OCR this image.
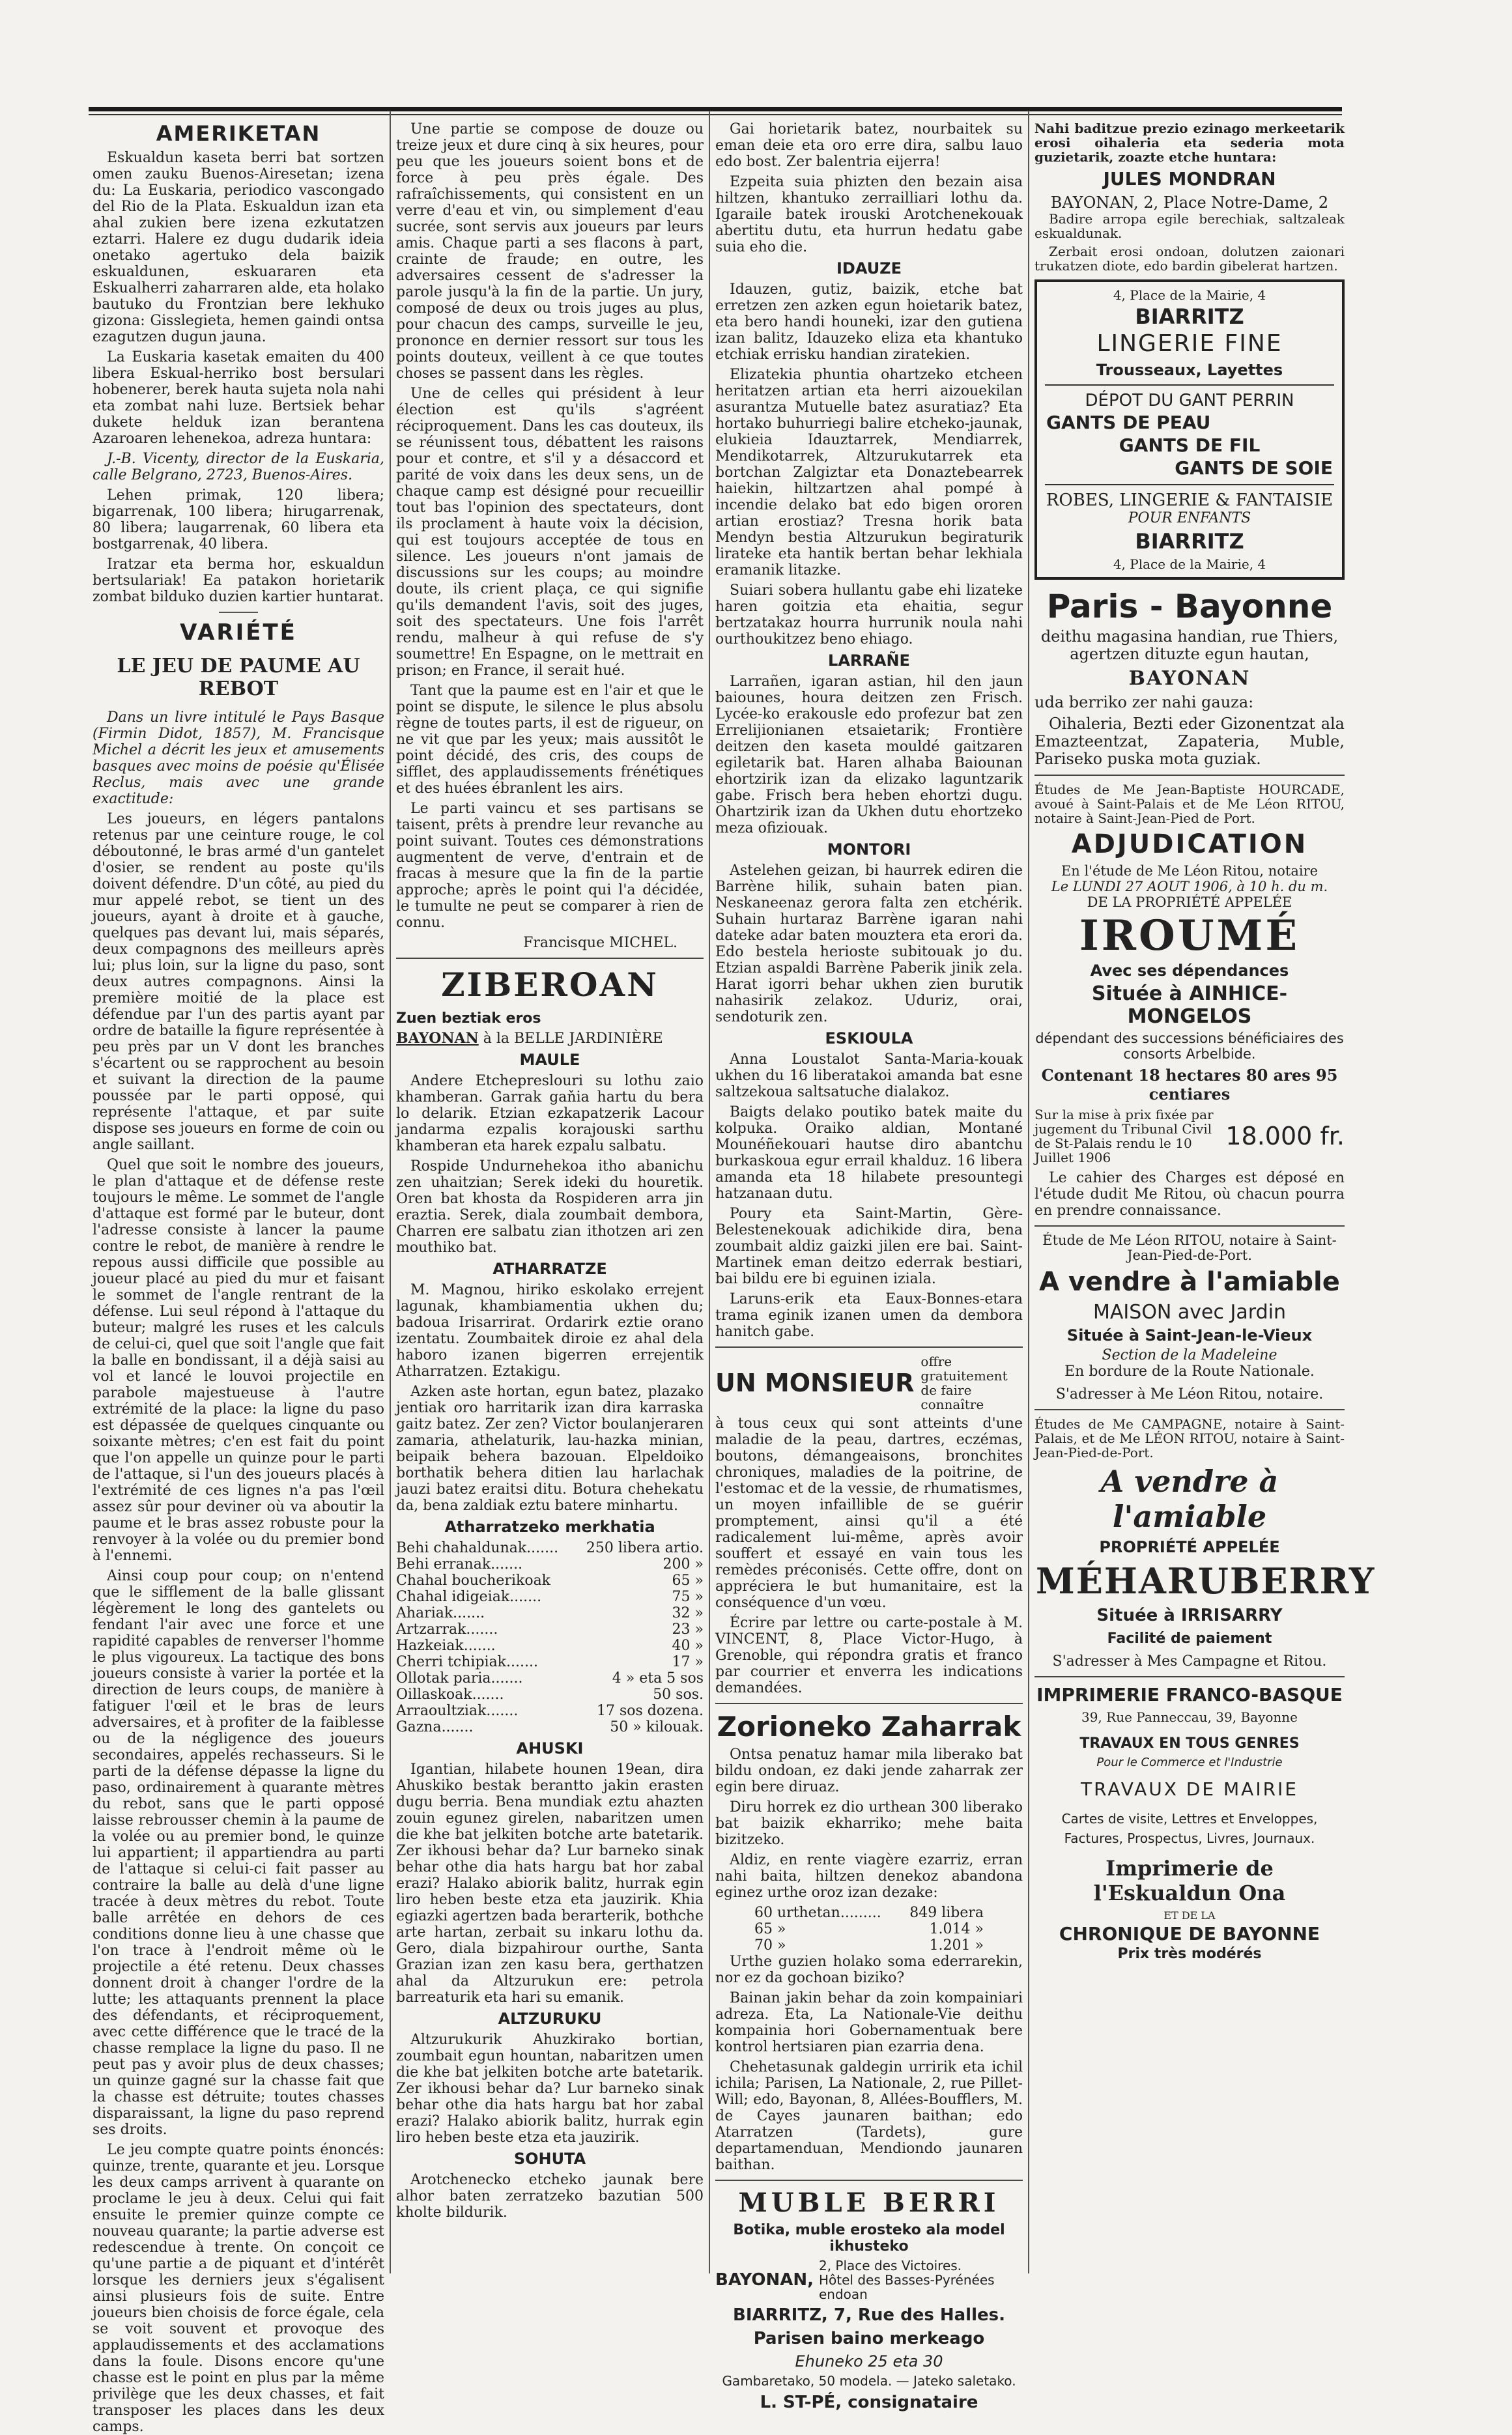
AMERIKETAN

Eskualdun kaseta berri bat sortzen omen zauku Buenos-Airesetan; izena du: La Euskaria, periodico vascongado del Rio de la Plata. Eskualdun izan eta ahal zukien bere izena ezkutatzen eztarri. Halere ez dugu dudarik ideia onetako agertuko dela baizik eskualdunen, eskuararen eta Eskualherri zaharraren alde, eta holako bautuko du Frontzian bere lekhuko gizona: Gisslegieta, hemen gaindi ontsa ezagutzen dugun jauna.

La Euskaria kasetak emaiten du 400 libera Eskual-herriko bost bersulari hobenerer, berek hauta sujeta nola nahi eta zombat nahi luze. Bertsiek behar dukete helduk izan berantena Azaroaren lehenekoa, adreza huntara:

J.-B. Vicenty, director de la Euskaria, calle Belgrano, 2723, Buenos-Aires.

Lehen primak, 120 libera; bigarrenak, 100 libera; hirugarrenak, 80 libera; laugarrenak, 60 libera eta bostgarrenak, 40 libera.

Iratzar eta berma hor, eskualdun bertsulariak! Ea patakon horietarik zombat bilduko duzien kartier huntarat.

VARIÉTÉ
LE JEU DE PAUME AU REBOT

Dans un livre intitulé le Pays Basque (Firmin Didot, 1857), M. Francisque Michel a décrit les jeux et amusements basques avec moins de poésie qu'Élisée Reclus, mais avec une grande exactitude:

Les joueurs, en légers pantalons retenus par une ceinture rouge, le col déboutonné, le bras armé d'un gantelet d'osier, se rendent au poste qu'ils doivent défendre. D'un côté, au pied du mur appelé rebot, se tient un des joueurs, ayant à droite et à gauche, quelques pas devant lui, mais séparés, deux compagnons des meilleurs après lui; plus loin, sur la ligne du paso, sont deux autres compagnons. Ainsi la première moitié de la place est défendue par l'un des partis ayant par ordre de bataille la figure représentée à peu près par un V dont les branches s'écartent ou se rapprochent au besoin et suivant la direction de la paume poussée par le parti opposé, qui représente l'attaque, et par suite dispose ses joueurs en forme de coin ou angle saillant.

Quel que soit le nombre des joueurs, le plan d'attaque et de défense reste toujours le même. Le sommet de l'angle d'attaque est formé par le buteur, dont l'adresse consiste à lancer la paume contre le rebot, de manière à rendre le repous aussi difficile que possible au joueur placé au pied du mur et faisant le sommet de l'angle rentrant de la défense. Lui seul répond à l'attaque du buteur; malgré les ruses et les calculs de celui-ci, quel que soit l'angle que fait la balle en bondissant, il a déjà saisi au vol et lancé le louvoi projectile en parabole majestueuse à l'autre extrémité de la place: la ligne du paso est dépassée de quelques cinquante ou soixante mètres; c'en est fait du point que l'on appelle un quinze pour le parti de l'attaque, si l'un des joueurs placés à l'extrémité de ces lignes n'a pas l'œil assez sûr pour deviner où va aboutir la paume et le bras assez robuste pour la renvoyer à la volée ou du premier bond à l'ennemi.

Ainsi coup pour coup; on n'entend que le sifflement de la balle glissant légèrement le long des gantelets ou fendant l'air avec une force et une rapidité capables de renverser l'homme le plus vigoureux. La tactique des bons joueurs consiste à varier la portée et la direction de leurs coups, de manière à fatiguer l'œil et le bras de leurs adversaires, et à profiter de la faiblesse ou de la négligence des joueurs secondaires, appelés rechasseurs. Si le parti de la défense dépasse la ligne du paso, ordinairement à quarante mètres du rebot, sans que le parti opposé laisse rebrousser chemin à la paume de la volée ou au premier bond, le quinze lui appartient; il appartiendra au parti de l'attaque si celui-ci fait passer au contraire la balle au delà d'une ligne tracée à deux mètres du rebot. Toute balle arrêtée en dehors de ces conditions donne lieu à une chasse que l'on trace à l'endroit même où le projectile a été retenu. Deux chasses donnent droit à changer l'ordre de la lutte; les attaquants prennent la place des défendants, et réciproquement, avec cette différence que le tracé de la chasse remplace la ligne du paso. Il ne peut pas y avoir plus de deux chasses; un quinze gagné sur la chasse fait que la chasse est détruite; toutes chasses disparaissant, la ligne du paso reprend ses droits.

Le jeu compte quatre points énoncés: quinze, trente, quarante et jeu. Lorsque les deux camps arrivent à quarante on proclame le jeu à deux. Celui qui fait ensuite le premier quinze compte ce nouveau quarante; la partie adverse est redescendue à trente. On conçoit ce qu'une partie a de piquant et d'intérêt lorsque les derniers jeux s'égalisent ainsi plusieurs fois de suite. Entre joueurs bien choisis de force égale, cela se voit souvent et provoque des applaudissements et des acclamations dans la foule. Disons encore qu'une chasse est le point en plus par la même privilège que les deux chasses, et fait transposer les places dans les deux camps.

Une partie se compose de douze ou treize jeux et dure cinq à six heures, pour peu que les joueurs soient bons et de force à peu près égale. Des rafraîchissements, qui consistent en un verre d'eau et vin, ou simplement d'eau sucrée, sont servis aux joueurs par leurs amis. Chaque parti a ses flacons à part, crainte de fraude; en outre, les adversaires cessent de s'adresser la parole jusqu'à la fin de la partie. Un jury, composé de deux ou trois juges au plus, pour chacun des camps, surveille le jeu, prononce en dernier ressort sur tous les points douteux, veillent à ce que toutes choses se passent dans les règles.

Une de celles qui président à leur élection est qu'ils s'agréent réciproquement. Dans les cas douteux, ils se réunissent tous, débattent les raisons pour et contre, et s'il y a désaccord et parité de voix dans les deux sens, un de chaque camp est désigné pour recueillir tout bas l'opinion des spectateurs, dont ils proclament à haute voix la décision, qui est toujours acceptée de tous en silence. Les joueurs n'ont jamais de discussions sur les coups; au moindre doute, ils crient plaça, ce qui signifie qu'ils demandent l'avis, soit des juges, soit des spectateurs. Une fois l'arrêt rendu, malheur à qui refuse de s'y soumettre! En Espagne, on le mettrait en prison; en France, il serait hué.

Tant que la paume est en l'air et que le point se dispute, le silence le plus absolu règne de toutes parts, il est de rigueur, on ne vit que par les yeux; mais aussitôt le point décidé, des cris, des coups de sifflet, des applaudissements frénétiques et des huées ébranlent les airs.

Le parti vaincu et ses partisans se taisent, prêts à prendre leur revanche au point suivant. Toutes ces démonstrations augmentent de verve, d'entrain et de fracas à mesure que la fin de la partie approche; après le point qui l'a décidée, le tumulte ne peut se comparer à rien de connu.

Francisque MICHEL.

ZIBEROAN

Zuen beztiak eros

BAYONAN à la BELLE JARDINIÈRE

MAULE

Andere Etchepreslouri su lothu zaio khamberan. Garrak gaňia hartu du bera lo delarik. Etzian ezkapatzerik Lacour jandarma ezpalis korajouski sarthu khamberan eta harek ezpalu salbatu.

Rospide Undurnehekoa itho abanichu zen uhaitzian; Serek ideki du houretik. Oren bat khosta da Rospideren arra jin eraztia. Serek, diala zoumbait dembora, Charren ere salbatu zian ithotzen ari zen mouthiko bat.

ATHARRATZE

M. Magnou, hiriko eskolako errejent lagunak, khambiamentia ukhen du; badoua Irisarrirat. Ordarirk eztie orano izentatu. Zoumbaitek diroie ez ahal dela haboro izanen bigerren errejentik Atharratzen. Eztakigu.

Azken aste hortan, egun batez, plazako jentiak oro harritarik izan dira karraska gaitz batez. Zer zen? Victor boulanjeraren zamaria, athelaturik, lau-hazka minian, beipaik behera bazouan. Elpeldoiko borthatik behera ditien lau harlachak jauzi batez eraitsi ditu. Botura chehekatu da, bena zaldiak eztu batere minhartu.

Atharratzeko merkhatia
Behi chahaldunak....... 250 libera artio.
Behi erranak.......	200 »
Chahal boucherikoak	65 »
Chahal idigeiak.......	75 »
Ahariak.......	32 »
Artzarrak.......	23 »
Hazkeiak.......	40 »
Cherri tchipiak.......	17 »
Ollotak paria.......	4 » eta 5 sos
Oillaskoak.......	50 sos.
Arraoultziak.......	17 sos dozena.
Gazna.......	50 » kilouak.
AHUSKI

Igantian, hilabete hounen 19ean, dira Ahuskiko bestak berantto jakin erasten dugu berria. Bena mundiak eztu ahazten zouin egunez girelen, nabaritzen umen die khe bat jelkiten botche arte batetarik. Zer ikhousi behar da? Lur barneko sinak behar othe dia hats hargu bat hor zabal erazi? Halako abiorik balitz, hurrak egin liro heben beste etza eta jauzirik. Khia egiazki agertzen bada berarterik, bothche arte hartan, zerbait su inkaru lothu da. Gero, diala bizpahirour ourthe, Santa Grazian izan zen kasu bera, gerthatzen ahal da Altzurukun ere: petrola barreaturik eta hari su emanik.

ALTZURUKU

Altzurukurik Ahuzkirako bortian, zoumbait egun hountan, nabaritzen umen die khe bat jelkiten botche arte batetarik. Zer ikhousi behar da? Lur barneko sinak behar othe dia hats hargu bat hor zabal erazi? Halako abiorik balitz, hurrak egin liro heben beste etza eta jauzirik.

SOHUTA

Arotchenecko etcheko jaunak bere alhor baten zerratzeko bazutian 500 kholte bildurik.

Gai horietarik batez, nourbaitek su eman deie eta oro erre dira, salbu lauo edo bost. Zer balentria eijerra!

Ezpeita suia phizten den bezain aisa hiltzen, khantuko zerrailliari lothu da. Igaraile batek irouski Arotchenekouak abertitu dutu, eta hurrun hedatu gabe suia eho die.

IDAUZE

Idauzen, gutiz, baizik, etche bat erretzen zen azken egun hoietarik batez, eta bero handi houneki, izar den gutiena izan balitz, Idauzeko eliza eta khantuko etchiak errisku handian ziratekien.

Elizatekia phuntia ohartzeko etcheen heritatzen artian eta herri aizouekilan asurantza Mutuelle batez asuratiaz? Eta hortako buhurriegi balire etcheko-jaunak, elukieia Idauztarrek, Mendiarrek, Mendikotarrek, Altzurukutarrek eta bortchan Zalgiztar eta Donaztebearrek haiekin, hiltzartzen ahal pompé à incendie delako bat edo bigen ororen artian erostiaz? Tresna horik bata Mendyn bestia Altzurukun begiraturik lirateke eta hantik bertan behar lekhiala eramanik litazke.

Suiari sobera hullantu gabe ehi lizateke haren goitzia eta ehaitia, segur bertzatakaz hourra hurrunik noula nahi ourthoukitzez beno ehiago.

LARRAÑE

Larrañen, igaran astian, hil den jaun baiounes, houra deitzen zen Frisch. Lycée-ko erakousle edo profezur bat zen Errelijionianen etsaietarik; Frontière deitzen den kaseta mouldé gaitzaren egiletarik bat. Haren alhaba Baiounan ehortzirik izan da elizako laguntzarik gabe. Frisch bera heben ehortzi dugu. Ohartzirik izan da Ukhen dutu ehortzeko meza ofiziouak.

MONTORI

Astelehen geizan, bi haurrek ediren die Barrène hilik, suhain baten pian. Neskaneenaz gerora falta zen etchérik. Suhain hurtaraz Barrène igaran nahi dateke adar baten mouztera eta erori da. Edo bestela herioste subitouak jo du. Etzian aspaldi Barrène Paberik jinik zela. Harat igorri behar ukhen zien burutik nahasirik zelakoz. Uduriz, orai, sendoturik zen.

ESKIOULA

Anna Loustalot Santa-Maria-kouak ukhen du 16 liberatakoi amanda bat esne saltzekoua saltsatuche dialakoz.

Baigts delako poutiko batek maite du kolpuka. Oraiko aldian, Montané Mounéñekouari hautse diro abantchu burkaskoua egur errail khalduz. 16 libera amanda eta 18 hilabete presountegi hatzanaan dutu.

Poury eta Saint-Martin, Gère-Belestenekouak adichikide dira, bena zoumbait aldiz gaizki jilen ere bai. Saint-Martinek eman deitzo ederrak bestiari, bai bildu ere bi eguinen iziala.

Laruns-erik eta Eaux-Bonnes-etara trama eginik izanen umen da dembora hanitch gabe.

UN MONSIEUR
offre gratuitement de faire connaître

à tous ceux qui sont atteints d'une maladie de la peau, dartres, eczémas, boutons, démangeaisons, bronchites chroniques, maladies de la poitrine, de l'estomac et de la vessie, de rhumatismes, un moyen infaillible de se guérir promptement, ainsi qu'il a été radicalement lui-même, après avoir souffert et essayé en vain tous les remèdes préconisés. Cette offre, dont on appréciera le but humanitaire, est la conséquence d'un vœu.

Écrire par lettre ou carte-postale à M. VINCENT, 8, Place Victor-Hugo, à Grenoble, qui répondra gratis et franco par courrier et enverra les indications demandées.

Zorioneko Zaharrak

Ontsa penatuz hamar mila liberako bat bildu ondoan, ez daki jende zaharrak zer egin bere diruaz.

Diru horrek ez dio urthean 300 liberako bat baizik ekharriko; mehe baita bizitzeko.

Aldiz, en rente viagère ezarriz, erran nahi baita, hiltzen denekoz abandona eginez urthe oroz izan dezake:

60 urthetan......... 849 libera
65 »	1.014 »
70 »	1.201 »

Urthe guzien holako soma ederrarekin, nor ez da gochoan biziko?

Bainan jakin behar da zoin kompainiari adreza. Eta, La Nationale-Vie deithu kompainia hori Gobernamentuak bere kontrol hertsiaren pian ezarria dena.

Chehetasunak galdegin urririk eta ichil ichila; Parisen, La Nationale, 2, rue Pillet-Will; edo, Bayonan, 8, Allées-Boufflers, M. de Cayes jaunaren baithan; edo Atarratzen (Tardets), gure departamenduan, Mendiondo jaunaren baithan.

MUBLE BERRI
Botika, muble erosteko ala model ikhusteko
BAYONAN,
2, Place des Victoires.
Hôtel des Basses-Pyrénées endoan
BIARRITZ, 7, Rue des Halles.
Parisen baino merkeago
Ehuneko 25 eta 30
Gambaretako, 50 modela. — Jateko saletako.
L. ST-PÉ, consignataire

Nahi baditzue prezio ezinago merkeetarik erosi oihaleria eta sederia mota guzietarik, zoazte etche huntara:

JULES MONDRAN
BAYONAN, 2, Place Notre-Dame, 2

Badire arropa egile berechiak, saltzaleak eskualdunak.

Zerbait erosi ondoan, dolutzen zaionari trukatzen diote, edo bardin gibelerat hartzen.

4, Place de la Mairie, 4
BIARRITZ
LINGERIE FINE
Trousseaux, Layettes
DÉPOT DU GANT PERRIN
GANTS DE PEAU
GANTS DE FIL
GANTS DE SOIE
ROBES, LINGERIE & FANTAISIE
POUR ENFANTS
BIARRITZ
4, Place de la Mairie, 4
Paris - Bayonne

deithu magasina handian, rue Thiers, agertzen dituzte egun hautan,

BAYONAN

uda berriko zer nahi gauza:

Oihaleria, Bezti eder Gizonentzat ala Emazteentzat, Zapateria, Muble, Pariseko puska mota guziak.

Études de Me Jean-Baptiste HOURCADE, avoué à Saint-Palais et de Me Léon RITOU, notaire à Saint-Jean-Pied de Port.

ADJUDICATION
En l'étude de Me Léon Ritou, notaire
Le LUNDI 27 AOUT 1906, à 10 h. du m.
DE LA PROPRIÉTÉ APPELÉE
IROUMÉ
Avec ses dépendances
Située à AINHICE-MONGELOS
dépendant des successions bénéficiaires des consorts Arbelbide.
Contenant 18 hectares 80 ares 95 centiares
Sur la mise à prix fixée par jugement du Tribunal Civil de St-Palais rendu le 10 Juillet 1906
18.000 fr.

Le cahier des Charges est déposé en l'étude dudit Me Ritou, où chacun pourra en prendre connaissance.

Étude de Me Léon RITOU, notaire à Saint-Jean-Pied-de-Port.

A vendre à l'amiable
MAISON avec Jardin
Située à Saint-Jean-le-Vieux
Section de la Madeleine
En bordure de la Route Nationale.
S'adresser à Me Léon Ritou, notaire.

Études de Me CAMPAGNE, notaire à Saint-Palais, et de Me LÉON RITOU, notaire à Saint-Jean-Pied-de-Port.

A vendre à l'amiable
PROPRIÉTÉ APPELÉE
MÉHARUBERRY
Située à IRRISARRY
Facilité de paiement
S'adresser à Mes Campagne et Ritou.
IMPRIMERIE FRANCO-BASQUE
39, Rue Panneccau, 39, Bayonne
TRAVAUX EN TOUS GENRES
Pour le Commerce et l'Industrie
TRAVAUX DE MAIRIE

Cartes de visite, Lettres et Enveloppes, Factures, Prospectus, Livres, Journaux.

Imprimerie de l'Eskualdun Ona
ET DE LA
CHRONIQUE DE BAYONNE
Prix très modérés
